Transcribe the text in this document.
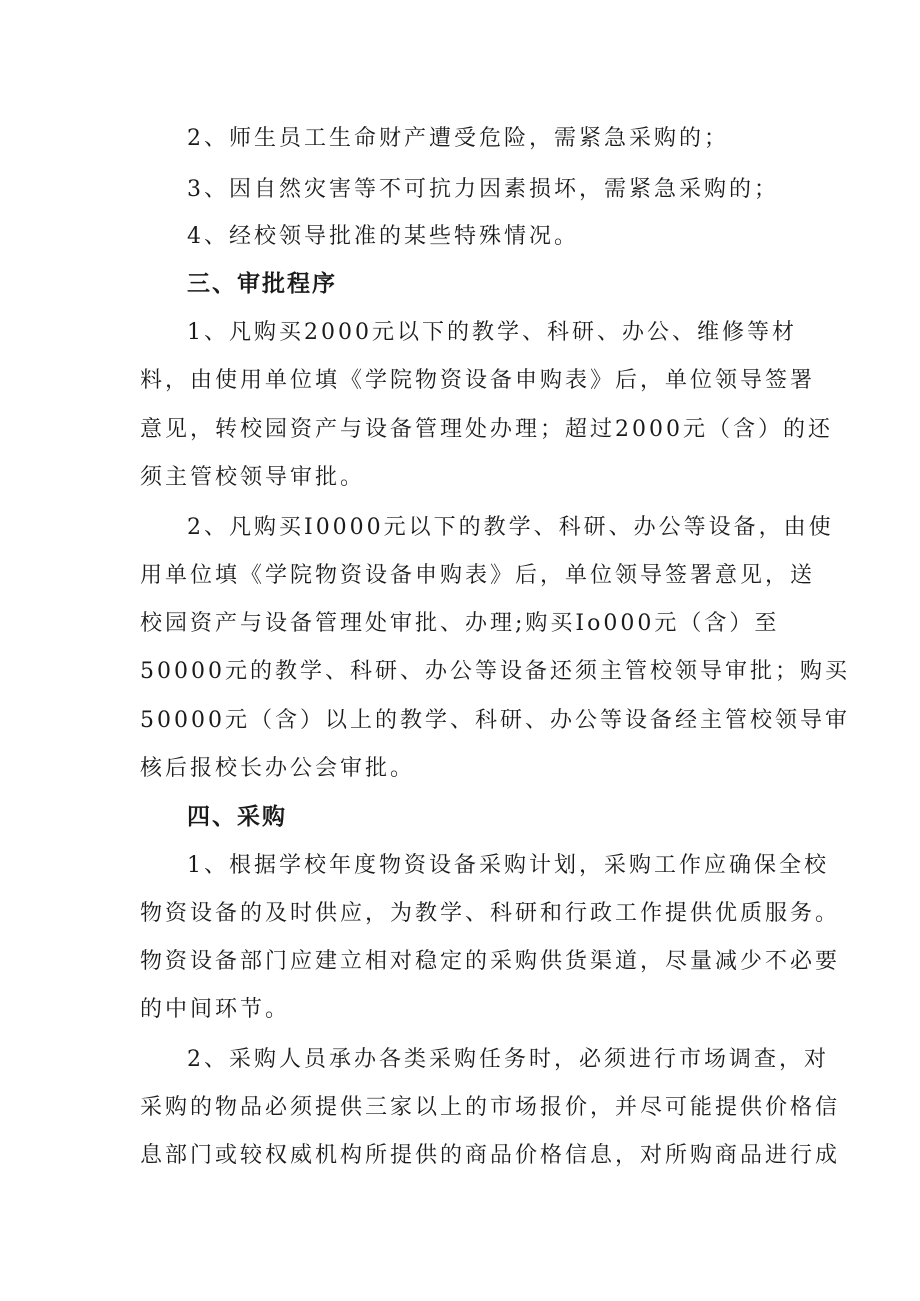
2、师生员工生命财产遭受危险，需紧急采购的；
3、因自然灾害等不可抗力因素损坏，需紧急采购的；
4、经校领导批准的某些特殊情况。
三、审批程序
1、凡购买2000元以下的教学、科研、办公、维修等材
料，由使用单位填《学院物资设备申购表》后，单位领导签署
意见，转校园资产与设备管理处办理；超过2000元（含）的还
须主管校领导审批。
2、凡购买I0000元以下的教学、科研、办公等设备，由使
用单位填《学院物资设备申购表》后，单位领导签署意见，送
校园资产与设备管理处审批、办理;购买Io000元（含）至
50000元的教学、科研、办公等设备还须主管校领导审批；购买
50000元（含）以上的教学、科研、办公等设备经主管校领导审
核后报校长办公会审批。
四、采购
1、根据学校年度物资设备采购计划，采购工作应确保全校
物资设备的及时供应，为教学、科研和行政工作提供优质服务。
物资设备部门应建立相对稳定的采购供货渠道，尽量减少不必要
的中间环节。
2、采购人员承办各类采购任务时，必须进行市场调查，对
采购的物品必须提供三家以上的市场报价，并尽可能提供价格信
息部门或较权威机构所提供的商品价格信息，对所购商品进行成
